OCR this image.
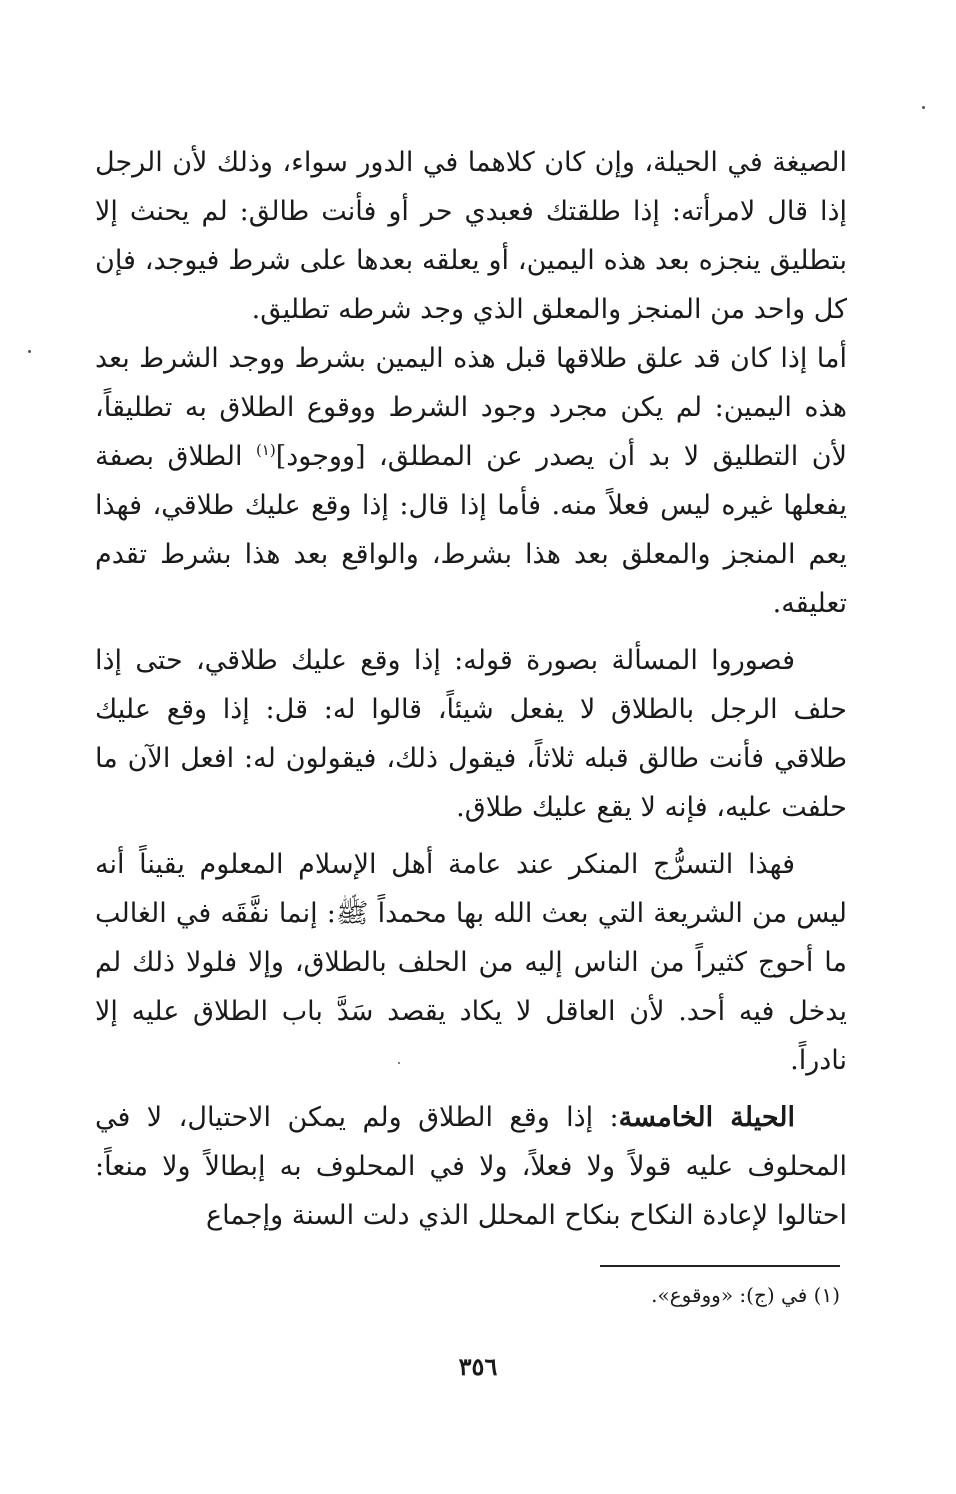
الصيغة في الحيلة، وإن كان كلاهما في الدور سواء، وذلك لأن الرجل إذا قال لامرأته: إذا طلقتك فعبدي حر أو فأنت طالق: لم يحنث إلا بتطليق ينجزه بعد هذه اليمين، أو يعلقه بعدها على شرط فيوجد، فإن كل واحد من المنجز والمعلق الذي وجد شرطه تطليق.

أما إذا كان قد علق طلاقها قبل هذه اليمين بشرط ووجد الشرط بعد هذه اليمين: لم يكن مجرد وجود الشرط ووقوع الطلاق به تطليقاً، لأن التطليق لا بد أن يصدر عن المطلق، [ووجود]$^{(١)}$ الطلاق بصفة يفعلها غيره ليس فعلاً منه. فأما إذا قال: إذا وقع عليك طلاقي، فهذا يعم المنجز والمعلق بعد هذا بشرط، والواقع بعد هذا بشرط تقدم تعليقه.

فصوروا المسألة بصورة قوله: إذا وقع عليك طلاقي، حتى إذا حلف الرجل بالطلاق لا يفعل شيئاً، قالوا له: قل: إذا وقع عليك طلاقي فأنت طالق قبله ثلاثاً، فيقول ذلك، فيقولون له: افعل الآن ما حلفت عليه، فإنه لا يقع عليك طلاق.

فهذا التسرُّج المنكر عند عامة أهل الإسلام المعلوم يقيناً أنه ليس من الشريعة التي بعث الله بها محمداً ﷺ: إنما نفَّقَه في الغالب ما أحوج كثيراً من الناس إليه من الحلف بالطلاق، وإلا فلولا ذلك لم يدخل فيه أحد. لأن العاقل لا يكاد يقصد سَدَّ باب الطلاق عليه إلا نادراً.

الحيلة الخامسة: إذا وقع الطلاق ولم يمكن الاحتيال، لا في المحلوف عليه قولاً ولا فعلاً، ولا في المحلوف به إبطالاً ولا منعاً: احتالوا لإعادة النكاح بنكاح المحلل الذي دلت السنة وإجماع

(١) في (ج): «ووقوع».
٣٥٦
